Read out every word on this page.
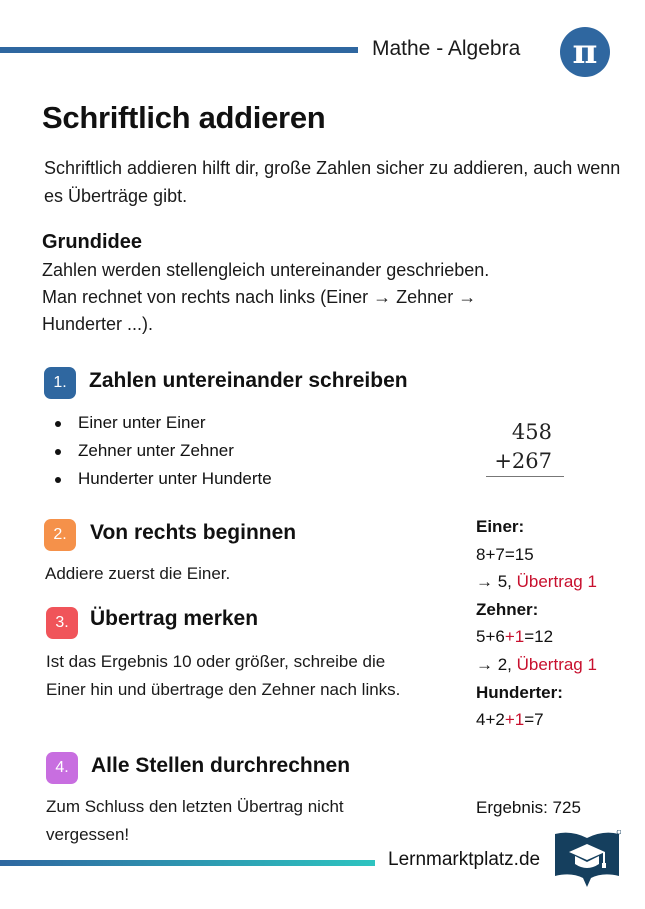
Mathe - Algebra	π
Schriftlich addieren
Schriftlich addieren hilft dir, große Zahlen sicher zu addieren, auch wenn es Überträge gibt.
Grundidee
Zahlen werden stellengleich untereinander geschrieben.
Man rechnet von rechts nach links (Einer → Zehner → Hunderter ...).
1.	Zahlen untereinander schreiben
Einer unter Einer
Zehner unter Zehner
Hunderter unter Hunderte
458
+267
2.	Von rechts beginnen
Addiere zuerst die Einer.
3.	Übertrag merken
Ist das Ergebnis 10 oder größer, schreibe die Einer hin und übertrage den Zehner nach links.
4.	Alle Stellen durchrechnen
Zum Schluss den letzten Übertrag nicht vergessen!
Einer:
8+7=15
→ 5, Übertrag 1
Zehner:
5+6+1=12
→ 2, Übertrag 1
Hunderter:
4+2+1=7
Ergebnis: 725
Lernmarktplatz.de
